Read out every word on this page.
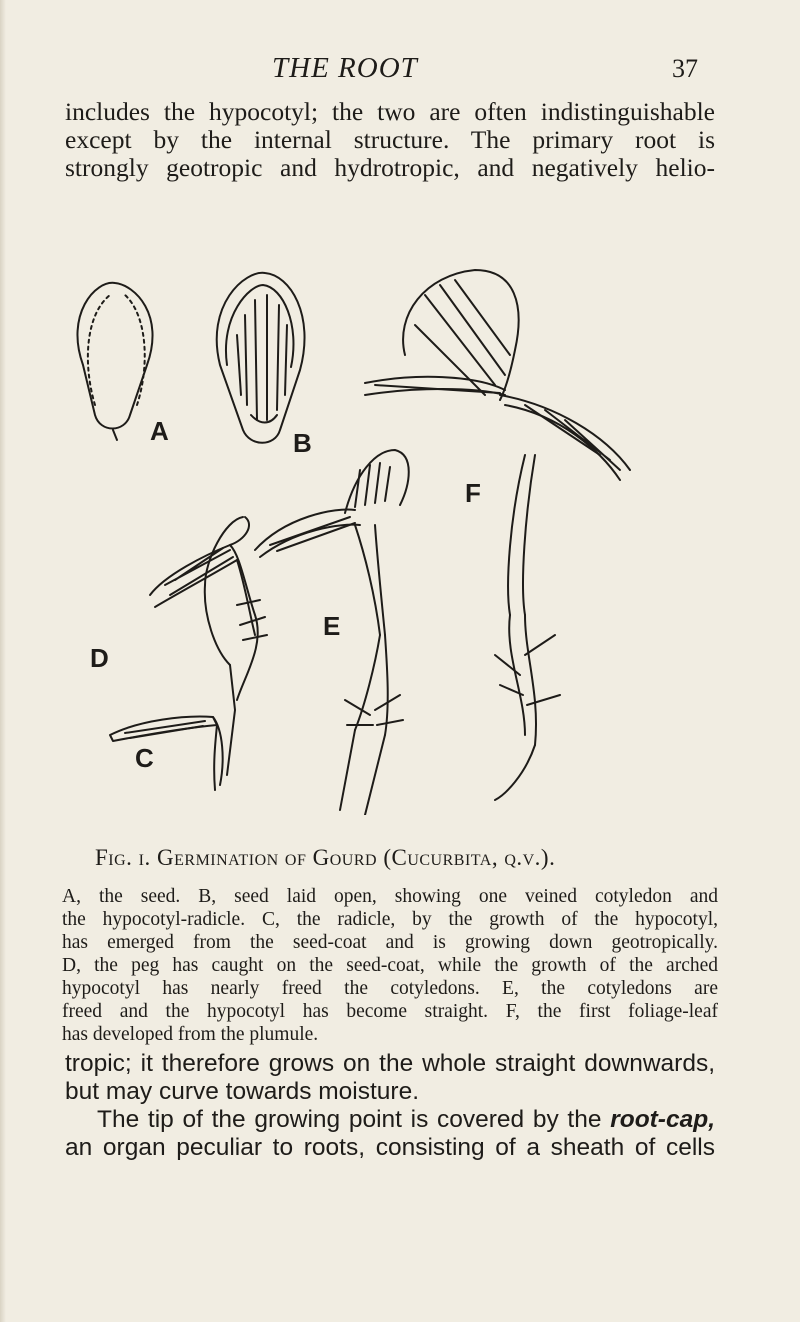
THE ROOT	37
includes the hypocotyl; the two are often indistinguishable
except by the internal structure. The primary root is
strongly geotropic and hydrotropic, and negatively helio-
A	B
C
D
E
F
Fig. i. Germination of Gourd (Cucurbita, q.v.).
A, the seed. B, seed laid open, showing one veined cotyledon and
the hypocotyl-radicle. C, the radicle, by the growth of the hypocotyl,
has emerged from the seed-coat and is growing down geotropically.
D, the peg has caught on the seed-coat, while the growth of the arched
hypocotyl has nearly freed the cotyledons. E, the cotyledons are
freed and the hypocotyl has become straight. F, the first foliage-leaf
has developed from the plumule.
tropic; it therefore grows on the whole straight downwards,
but may curve towards moisture.
The tip of the growing point is covered by the root-cap,
an organ peculiar to roots, consisting of a sheath of cells
